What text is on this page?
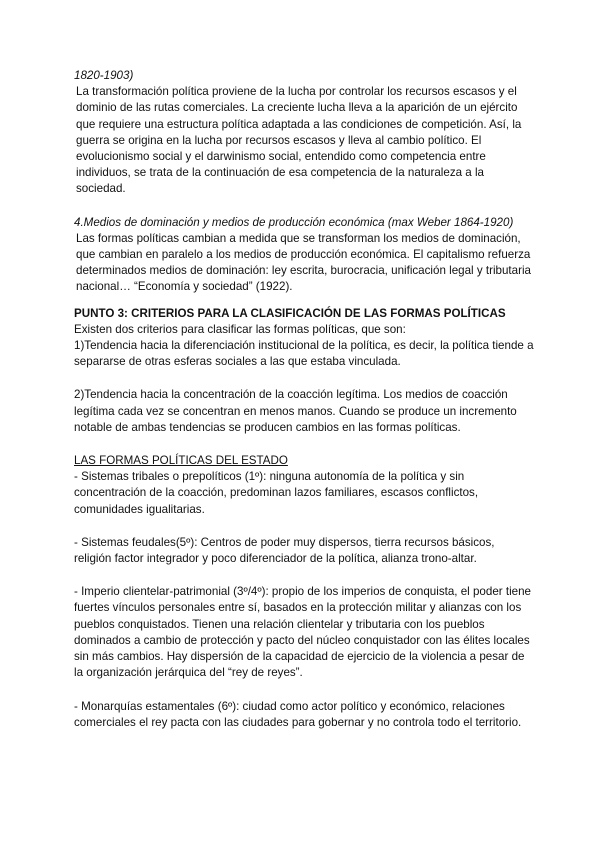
1820-1903)

La transformación política proviene de la lucha por controlar los recursos escasos y el dominio de las rutas comerciales. La creciente lucha lleva a la aparición de un ejército que requiere una estructura política adaptada a las condiciones de competición. Así, la guerra se origina en la lucha por recursos escasos y lleva al cambio político. El evolucionismo social y el darwinismo social, entendido como competencia entre individuos, se trata de la continuación de esa competencia de la naturaleza a la sociedad.

4.Medios de dominación y medios de producción económica (max Weber 1864-1920)

Las formas políticas cambian a medida que se transforman los medios de dominación, que cambian en paralelo a los medios de producción económica. El capitalismo refuerza determinados medios de dominación: ley escrita, burocracia, unificación legal y tributaria nacional… “Economía y sociedad” (1922).

PUNTO 3: CRITERIOS PARA LA CLASIFICACIÓN DE LAS FORMAS POLÍTICAS

Existen dos criterios para clasificar las formas políticas, que son:

1)Tendencia hacia la diferenciación institucional de la política, es decir, la política tiende a separarse de otras esferas sociales a las que estaba vinculada.

2)Tendencia hacia la concentración de la coacción legítima. Los medios de coacción legítima cada vez se concentran en menos manos. Cuando se produce un incremento notable de ambas tendencias se producen cambios en las formas políticas.

LAS FORMAS POLÍTICAS DEL ESTADO

- Sistemas tribales o prepolíticos (1º): ninguna autonomía de la política y sin concentración de la coacción, predominan lazos familiares, escasos conflictos, comunidades igualitarias.

- Sistemas feudales(5º): Centros de poder muy dispersos, tierra recursos básicos, religión factor integrador y poco diferenciador de la política, alianza trono-altar.

- Imperio clientelar-patrimonial (3º/4º): propio de los imperios de conquista, el poder tiene fuertes vínculos personales entre sí, basados en la protección militar y alianzas con los pueblos conquistados. Tienen una relación clientelar y tributaria con los pueblos dominados a cambio de protección y pacto del núcleo conquistador con las élites locales sin más cambios. Hay dispersión de la capacidad de ejercicio de la violencia a pesar de la organización jerárquica del “rey de reyes”.

- Monarquías estamentales (6º): ciudad como actor político y económico, relaciones comerciales el rey pacta con las ciudades para gobernar y no controla todo el territorio.
